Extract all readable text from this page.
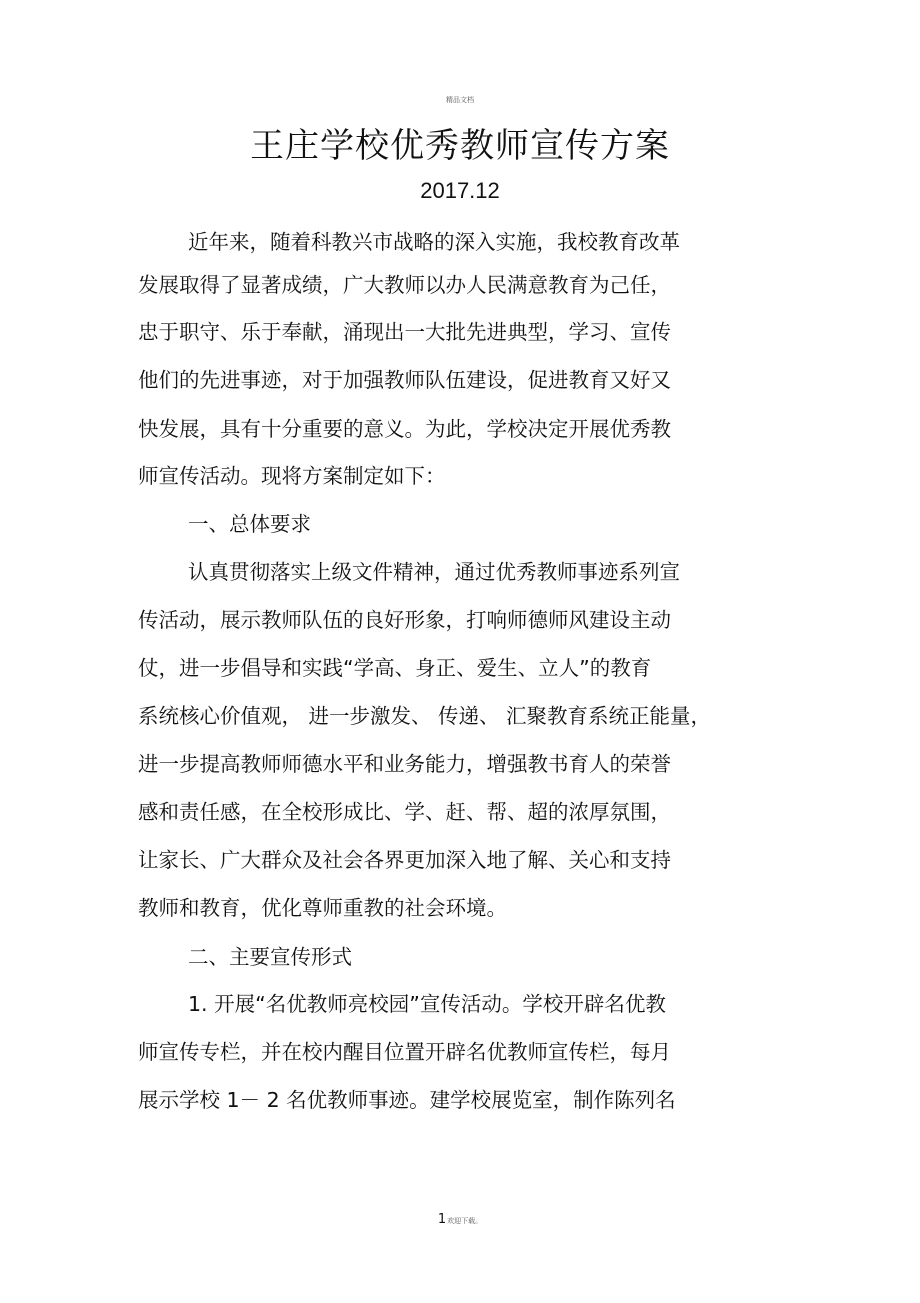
精品文档
王庄学校优秀教师宣传方案
2017.12
近年来，随着科教兴市战略的深入实施，我校教育改革
发展取得了显著成绩，广大教师以办人民满意教育为己任，
忠于职守、乐于奉献，涌现出一大批先进典型，学习、宣传
他们的先进事迹，对于加强教师队伍建设，促进教育又好又
快发展，具有十分重要的意义。为此，学校决定开展优秀教
师宣传活动。现将方案制定如下：
一、总体要求
认真贯彻落实上级文件精神，通过优秀教师事迹系列宣
传活动，展示教师队伍的良好形象，打响师德师风建设主动
仗，进一步倡导和实践“学高、身正、爱生、立人”的教育
系统核心价值观， 进一步激发、 传递、 汇聚教育系统正能量，
进一步提高教师师德水平和业务能力，增强教书育人的荣誉
感和责任感，在全校形成比、学、赶、帮、超的浓厚氛围，
让家长、广大群众及社会各界更加深入地了解、关心和支持
教师和教育，优化尊师重教的社会环境。
二、主要宣传形式
1. 开展“名优教师亮校园”宣传活动。学校开辟名优教
师宣传专栏，并在校内醒目位置开辟名优教师宣传栏，每月
展示学校 1－ 2 名优教师事迹。建学校展览室，制作陈列名
1欢迎下载。
